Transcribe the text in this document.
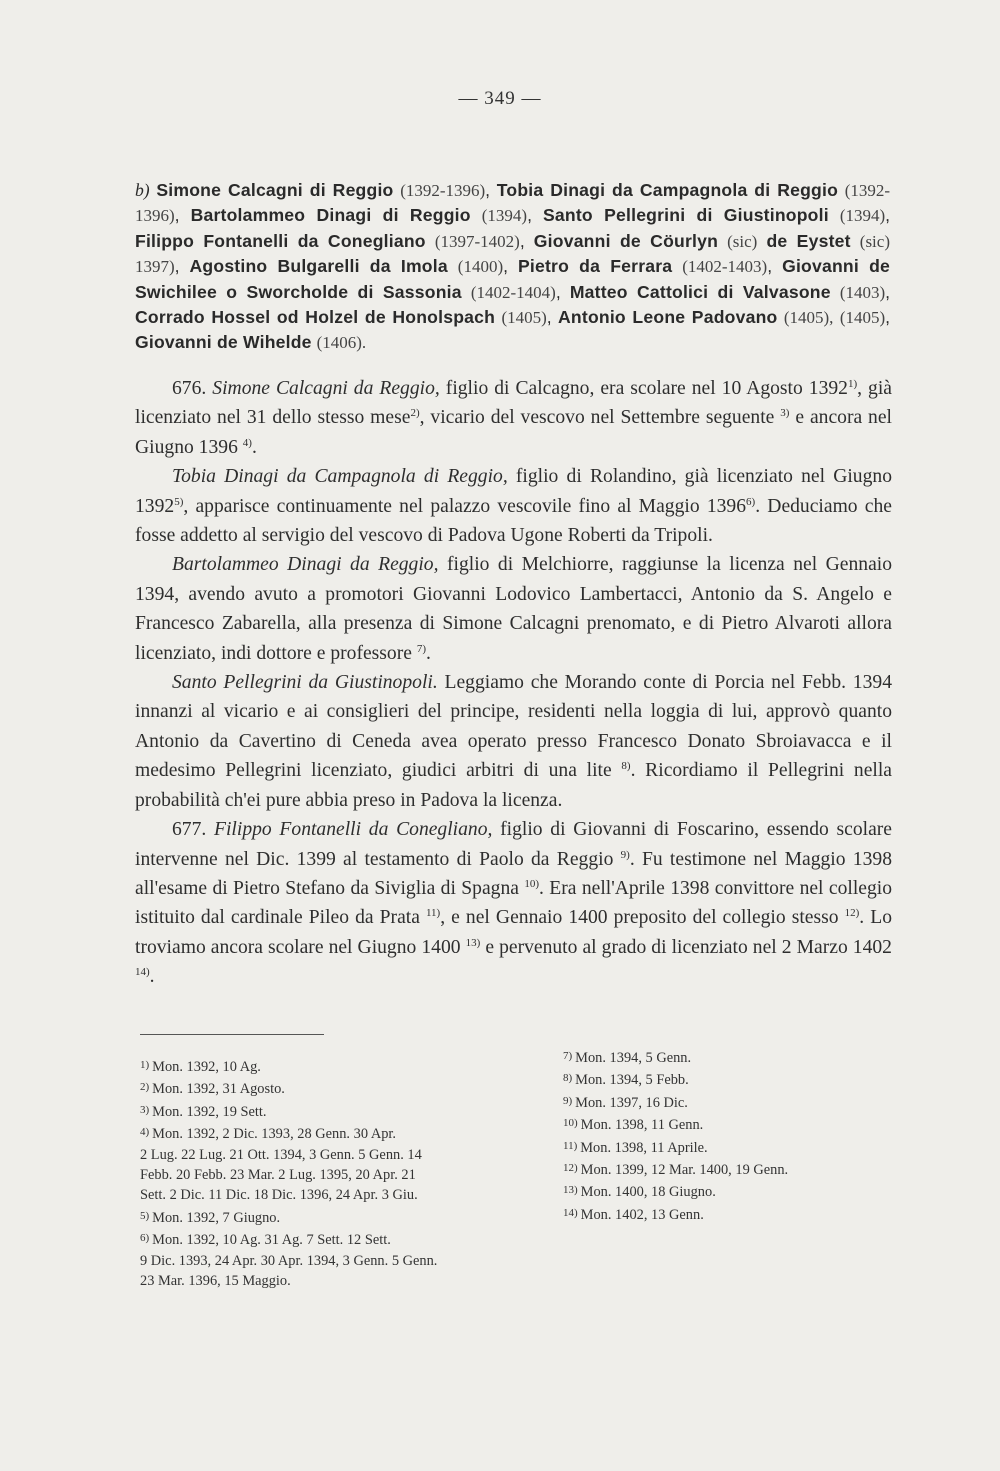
— 349 —
b) Simone Calcagni di Reggio (1392-1396), Tobia Dinagi da Campagnola di Reggio (1392-1396), Bartolammeo Dinagi di Reggio (1394), Santo Pellegrini di Giustinopoli (1394), Filippo Fontanelli da Conegliano (1397-1402), Giovanni de Cöurlyn (sic) de Eystet (sic) 1397), Agostino Bulgarelli da Imola (1400), Pietro da Ferrara (1402-1403), Giovanni de Swichilee o Sworcholde di Sassonia (1402-1404), Matteo Cattolici di Valvasone (1403), Corrado Hossel od Holzel de Honolspach (1405), Antonio Leone Padovano (1405), (1405), Giovanni de Wihelde (1406).

676. Simone Calcagni da Reggio, figlio di Calcagno, era scolare nel 10 Agosto 1392$^{1)}$, già licenziato nel 31 dello stesso mese$^{2)}$, vicario del vescovo nel Settembre seguente $^{3)}$ e ancora nel Giugno 1396 $^{4)}$.

Tobia Dinagi da Campagnola di Reggio, figlio di Rolandino, già licenziato nel Giugno 1392$^{5)}$, apparisce continuamente nel palazzo vescovile fino al Maggio 1396$^{6)}$. Deduciamo che fosse addetto al servigio del vescovo di Padova Ugone Roberti da Tripoli.

Bartolammeo Dinagi da Reggio, figlio di Melchiorre, raggiunse la licenza nel Gennaio 1394, avendo avuto a promotori Giovanni Lodovico Lambertacci, Antonio da S. Angelo e Francesco Zabarella, alla presenza di Simone Calcagni prenomato, e di Pietro Alvaroti allora licenziato, indi dottore e professore $^{7)}$.

Santo Pellegrini da Giustinopoli. Leggiamo che Morando conte di Porcia nel Febb. 1394 innanzi al vicario e ai consiglieri del principe, residenti nella loggia di lui, approvò quanto Antonio da Cavertino di Ceneda avea operato presso Francesco Donato Sbroiavacca e il medesimo Pellegrini licenziato, giudici arbitri di una lite $^{8)}$. Ricordiamo il Pellegrini nella probabilità ch'ei pure abbia preso in Padova la licenza.

677. Filippo Fontanelli da Conegliano, figlio di Giovanni di Foscarino, essendo scolare intervenne nel Dic. 1399 al testamento di Paolo da Reggio $^{9)}$. Fu testimone nel Maggio 1398 all'esame di Pietro Stefano da Siviglia di Spagna $^{10)}$. Era nell'Aprile 1398 convittore nel collegio istituito dal cardinale Pileo da Prata $^{11)}$, e nel Gennaio 1400 preposito del collegio stesso $^{12)}$. Lo troviamo ancora scolare nel Giugno 1400 $^{13)}$ e pervenuto al grado di licenziato nel 2 Marzo 1402 $^{14)}$.

1) Mon. 1392, 10 Ag.

2) Mon. 1392, 31 Agosto.

3) Mon. 1392, 19 Sett.

4) Mon. 1392, 2 Dic. 1393, 28 Genn. 30 Apr.

2 Lug. 22 Lug. 21 Ott. 1394, 3 Genn. 5 Genn. 14

Febb. 20 Febb. 23 Mar. 2 Lug. 1395, 20 Apr. 21

Sett. 2 Dic. 11 Dic. 18 Dic. 1396, 24 Apr. 3 Giu.

5) Mon. 1392, 7 Giugno.

6) Mon. 1392, 10 Ag. 31 Ag. 7 Sett. 12 Sett.

9 Dic. 1393, 24 Apr. 30 Apr. 1394, 3 Genn. 5 Genn.

23 Mar. 1396, 15 Maggio.

7) Mon. 1394, 5 Genn.

8) Mon. 1394, 5 Febb.

9) Mon. 1397, 16 Dic.

10) Mon. 1398, 11 Genn.

11) Mon. 1398, 11 Aprile.

12) Mon. 1399, 12 Mar. 1400, 19 Genn.

13) Mon. 1400, 18 Giugno.

14) Mon. 1402, 13 Genn.
